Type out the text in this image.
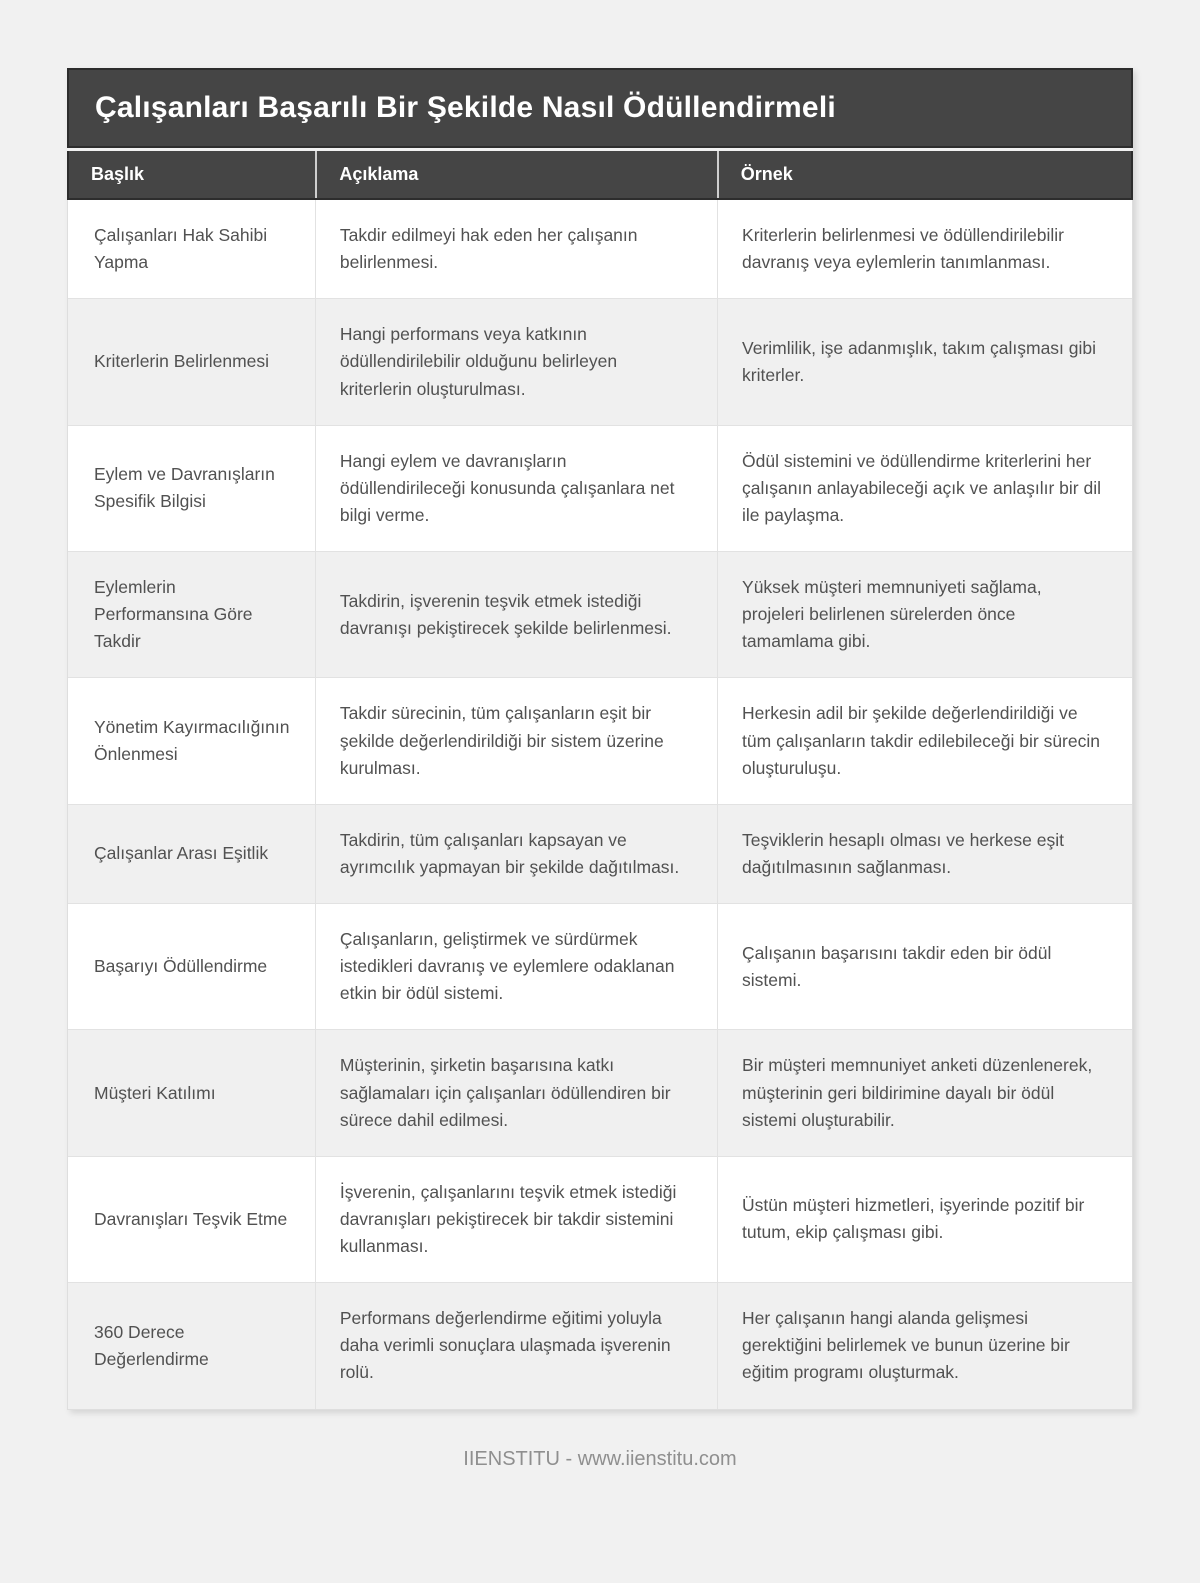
Çalışanları Başarılı Bir Şekilde Nasıl Ödüllendirmeli
Başlık	Açıklama	Örnek
Çalışanları Hak Sahibi Yapma
Takdir edilmeyi hak eden her çalışanın belirlenmesi.
Kriterlerin belirlenmesi ve ödüllendirilebilir davranış veya eylemlerin tanımlanması.
Kriterlerin Belirlenmesi
Hangi performans veya katkının ödüllendirilebilir olduğunu belirleyen kriterlerin oluşturulması.
Verimlilik, işe adanmışlık, takım çalışması gibi kriterler.
Eylem ve Davranışların Spesifik Bilgisi
Hangi eylem ve davranışların ödüllendirileceği konusunda çalışanlara net bilgi verme.
Ödül sistemini ve ödüllendirme kriterlerini her çalışanın anlayabileceği açık ve anlaşılır bir dil ile paylaşma.
Eylemlerin Performansına Göre Takdir
Takdirin, işverenin teşvik etmek istediği davranışı pekiştirecek şekilde belirlenmesi.
Yüksek müşteri memnuniyeti sağlama, projeleri belirlenen sürelerden önce tamamlama gibi.
Yönetim Kayırmacılığının Önlenmesi
Takdir sürecinin, tüm çalışanların eşit bir şekilde değerlendirildiği bir sistem üzerine kurulması.
Herkesin adil bir şekilde değerlendirildiği ve tüm çalışanların takdir edilebileceği bir sürecin oluşturuluşu.
Çalışanlar Arası Eşitlik
Takdirin, tüm çalışanları kapsayan ve ayrımcılık yapmayan bir şekilde dağıtılması.
Teşviklerin hesaplı olması ve herkese eşit dağıtılmasının sağlanması.
Başarıyı Ödüllendirme
Çalışanların, geliştirmek ve sürdürmek istedikleri davranış ve eylemlere odaklanan etkin bir ödül sistemi.
Çalışanın başarısını takdir eden bir ödül sistemi.
Müşteri Katılımı
Müşterinin, şirketin başarısına katkı sağlamaları için çalışanları ödüllendiren bir sürece dahil edilmesi.
Bir müşteri memnuniyet anketi düzenlenerek, müşterinin geri bildirimine dayalı bir ödül sistemi oluşturabilir.
Davranışları Teşvik Etme
İşverenin, çalışanlarını teşvik etmek istediği davranışları pekiştirecek bir takdir sistemini kullanması.
Üstün müşteri hizmetleri, işyerinde pozitif bir tutum, ekip çalışması gibi.
360 Derece Değerlendirme
Performans değerlendirme eğitimi yoluyla daha verimli sonuçlara ulaşmada işverenin rolü.
Her çalışanın hangi alanda gelişmesi gerektiğini belirlemek ve bunun üzerine bir eğitim programı oluşturmak.
IIENSTITU - www.iienstitu.com
